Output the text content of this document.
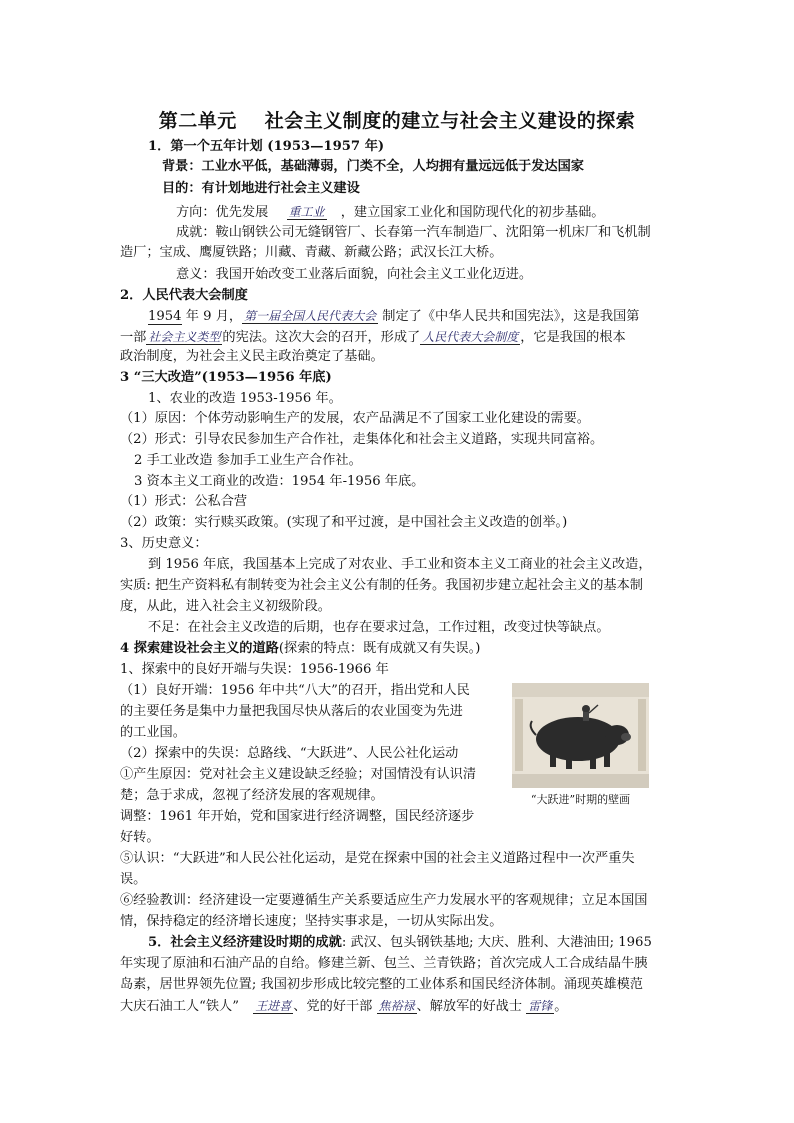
第二单元 社会主义制度的建立与社会主义建设的探索
1．第一个五年计划 (1953—1957 年)
背景：工业水平低，基础薄弱，门类不全，人均拥有量远远低于发达国家
目的：有计划地进行社会主义建设
方向：优先发展 重工业 ，建立国家工业化和国防现代化的初步基础。
成就：鞍山钢铁公司无缝钢管厂、长春第一汽车制造厂、沈阳第一机床厂和飞机制
造厂；宝成、鹰厦铁路；川藏、青藏、新藏公路；武汉长江大桥。
意义：我国开始改变工业落后面貌，向社会主义工业化迈进。
2．人民代表大会制度
1954 年 9 月， 第一届全国人民代表大会 制定了《中华人民共和国宪法》，这是我国第
一部 社会主义类型 的宪法。这次大会的召开，形成了 人民代表大会制度 ，它是我国的根本
政治制度，为社会主义民主政治奠定了基础。
3 “三大改造”(1953—1956 年底)
1、农业的改造 1953-1956 年。
（1）原因：个体劳动影响生产的发展，农产品满足不了国家工业化建设的需要。
（2）形式：引导农民参加生产合作社，走集体化和社会主义道路，实现共同富裕。
2 手工业改造 参加手工业生产合作社。
3 资本主义工商业的改造：1954 年-1956 年底。
（1）形式：公私合营
（2）政策：实行赎买政策。(实现了和平过渡，是中国社会主义改造的创举。)
3、历史意义：
到 1956 年底，我国基本上完成了对农业、手工业和资本主义工商业的社会主义改造，
实质: 把生产资料私有制转变为社会主义公有制的任务。我国初步建立起社会主义的基本制
度，从此，进入社会主义初级阶段。
不足：在社会主义改造的后期，也存在要求过急，工作过粗，改变过快等缺点。
4 探索建设社会主义的道路(探索的特点：既有成就又有失误。)
1、探索中的良好开端与失误：1956-1966 年
（1）良好开端：1956 年中共“八大”的召开，指出党和人民
的主要任务是集中力量把我国尽快从落后的农业国变为先进
的工业国。
（2）探索中的失误：总路线、“大跃进”、人民公社化运动
①产生原因：党对社会主义建设缺乏经验；对国情没有认识清
楚；急于求成，忽视了经济发展的客观规律。
调整：1961 年开始，党和国家进行经济调整，国民经济逐步
好转。
⑤认识：“大跃进”和人民公社化运动，是党在探索中国的社会主义道路过程中一次严重失
误。
⑥经验教训：经济建设一定要遵循生产关系要适应生产力发展水平的客观规律；立足本国国
情，保持稳定的经济增长速度；坚持实事求是，一切从实际出发。
“大跃进”时期的壁画
5．社会主义经济建设时期的成就: 武汉、包头钢铁基地; 大庆、胜利、大港油田; 1965
年实现了原油和石油产品的自给。修建兰新、包兰、兰青铁路；首次完成人工合成结晶牛胰
岛素，居世界领先位置; 我国初步形成比较完整的工业体系和国民经济体制。涌现英雄模范
大庆石油工人“铁人” 王进喜 、党的好干部 焦裕禄 、解放军的好战士 雷锋 。
